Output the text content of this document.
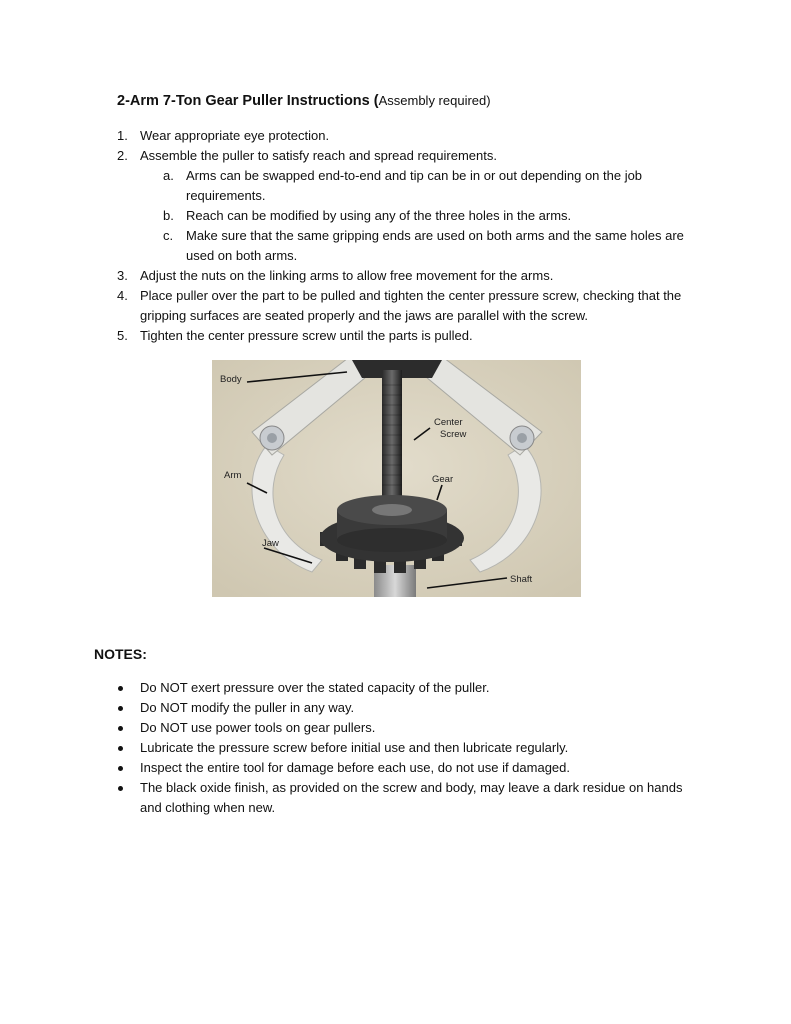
2-Arm 7-Ton Gear Puller Instructions (Assembly required)
1. Wear appropriate eye protection.
2. Assemble the puller to satisfy reach and spread requirements.
a. Arms can be swapped end-to-end and tip can be in or out depending on the job
requirements.
b. Reach can be modified by using any of the three holes in the arms.
c. Make sure that the same gripping ends are used on both arms and the same holes are
used on both arms.
3. Adjust the nuts on the linking arms to allow free movement for the arms.
4. Place puller over the part to be pulled and tighten the center pressure screw, checking that the
gripping surfaces are seated properly and the jaws are parallel with the screw.
5. Tighten the center pressure screw until the parts is pulled.
Body
Center
Screw
Gear
Arm
Jaw
Shaft
NOTES:
Do NOT exert pressure over the stated capacity of the puller.
Do NOT modify the puller in any way.
Do NOT use power tools on gear pullers.
Lubricate the pressure screw before initial use and then lubricate regularly.
Inspect the entire tool for damage before each use, do not use if damaged.
The black oxide finish, as provided on the screw and body, may leave a dark residue on hands
and clothing when new.
